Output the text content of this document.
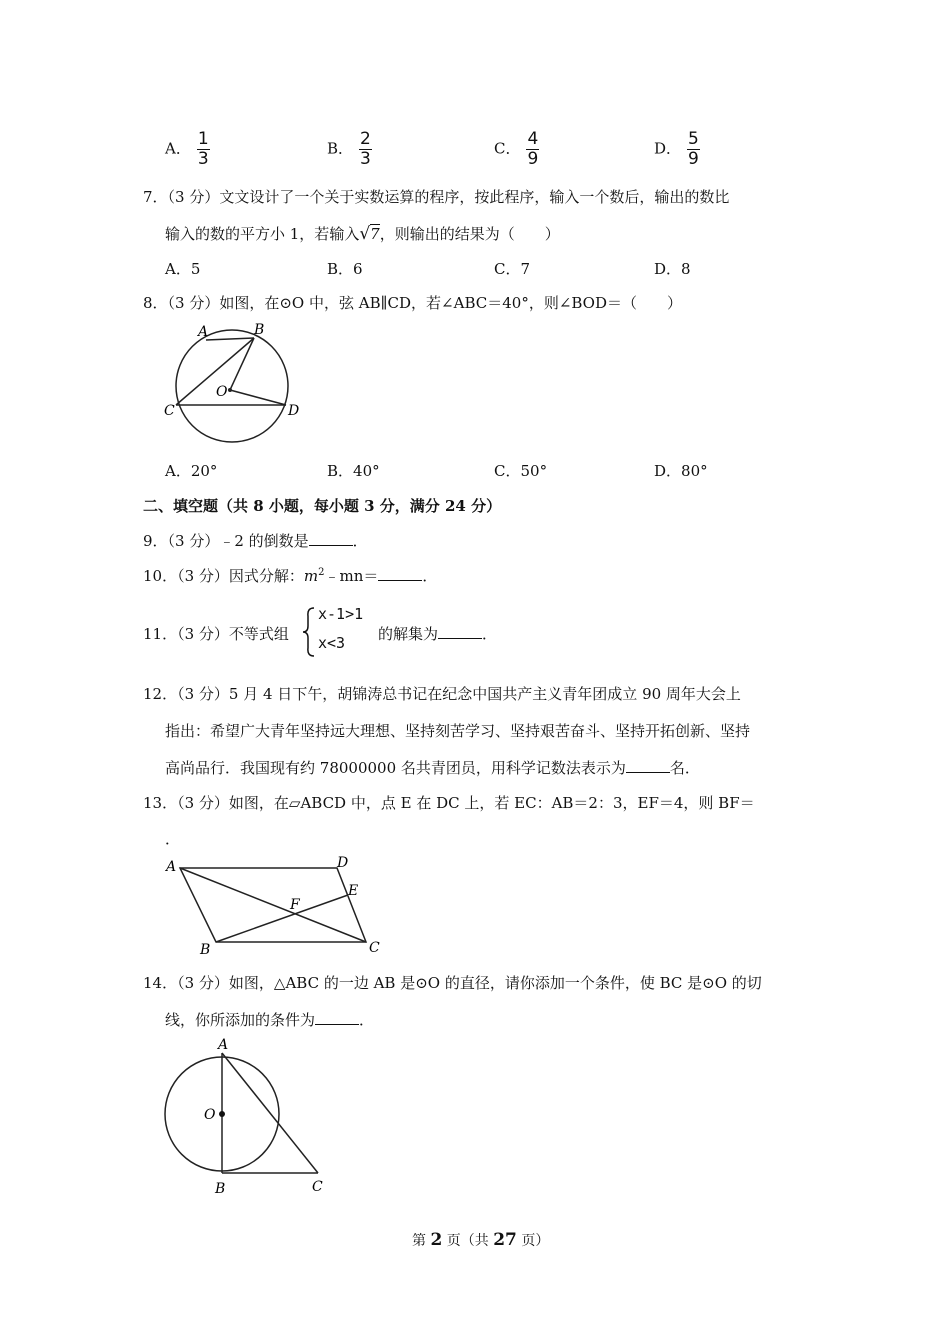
A． $\frac{1}{3}$	B． $\frac{2}{3}$	C． $\frac{4}{9}$	D． $\frac{5}{9}$
7．（3 分）文文设计了一个关于实数运算的程序，按此程序，输入一个数后，输出的数比
输入的数的平方小 1，若输入√7，则输出的结果为（　　）
A．5	B．6	C．7	D．8
8．（3 分）如图，在⊙O 中，弦 AB∥CD，若∠ABC＝40°，则∠BOD＝（　　）
A	B
O
C	D
A．20°	B．40°	C．50°	D．80°
二、填空题（共 8 小题，每小题 3 分，满分 24 分）
9．（3 分）﹣2 的倒数是	．
10．（3 分）因式分解：$m^2﹣mn=$	．
11．（3 分）不等式组
x-1>1
x<3 的解集为	．
12．（3 分）5 月 4 日下午，胡锦涛总书记在纪念中国共产主义青年团成立 90 周年大会上
指出：希望广大青年坚持远大理想、坚持刻苦学习、坚持艰苦奋斗、坚持开拓创新、坚持
高尚品行．我国现有约 78000000 名共青团员，用科学记数法表示为	名．
13．（3 分）如图，在▱ABCD 中，点 E 在 DC 上，若 EC：AB＝2：3，EF＝4，则 BF＝
．
A	D
E
F
B	C
14．（3 分）如图，△ABC 的一边 AB 是⊙O 的直径，请你添加一个条件，使 BC 是⊙O 的切
线，你所添加的条件为	．
A
O
B	C
第 2 页（共 27 页）
